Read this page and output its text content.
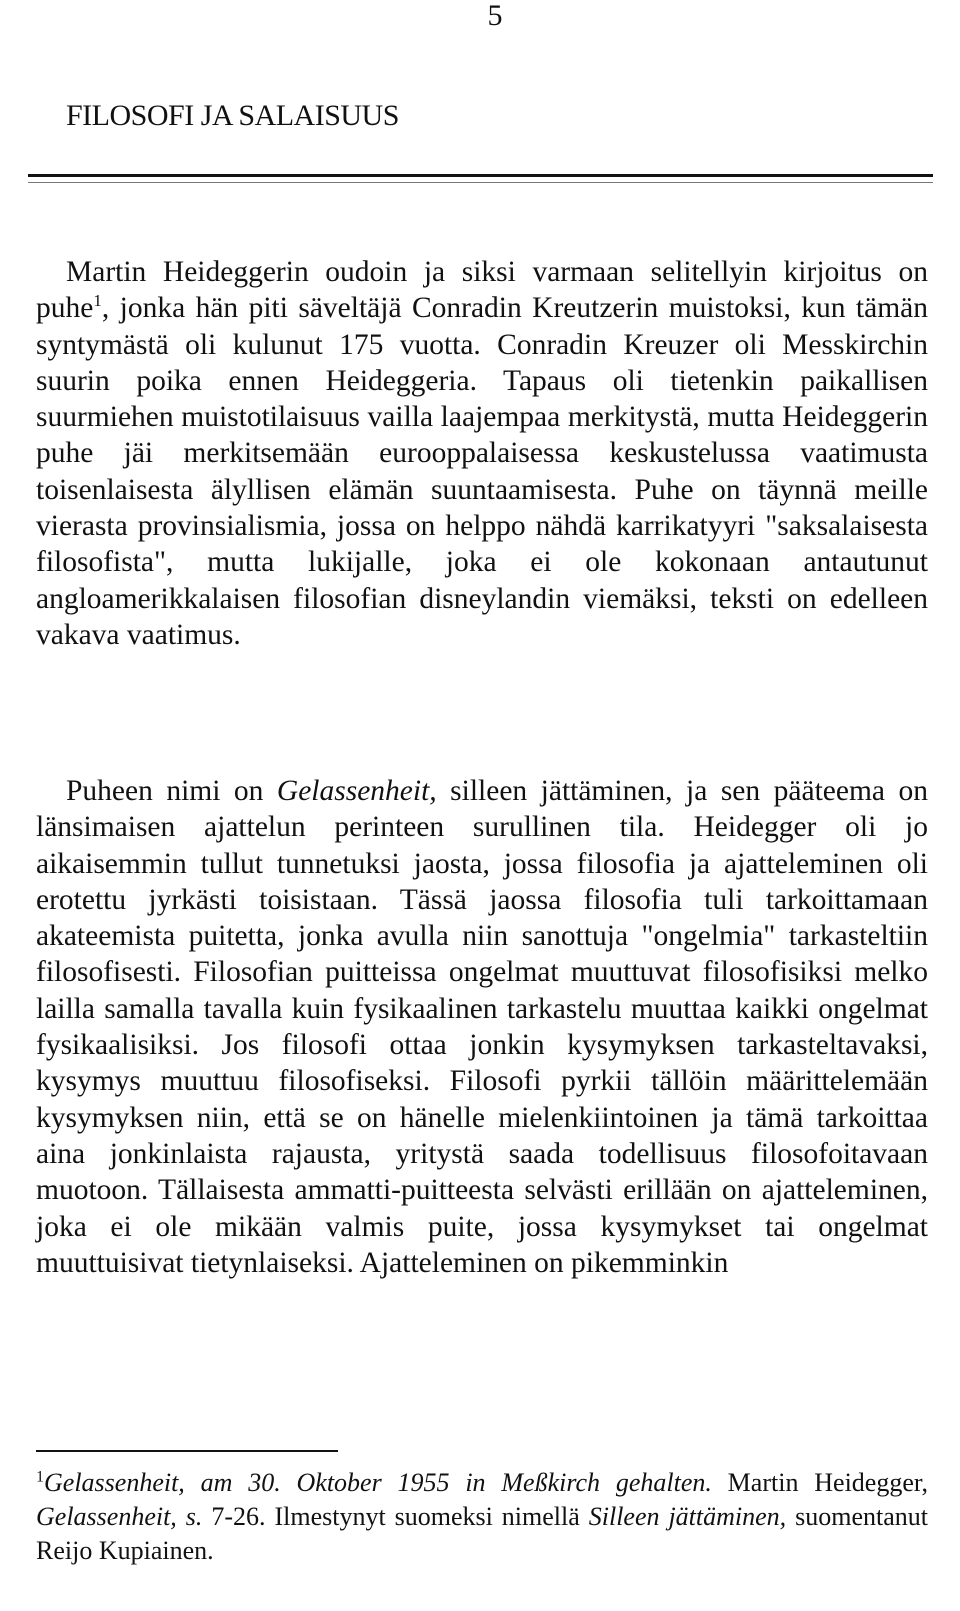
5
FILOSOFI JA SALAISUUS

Martin Heideggerin oudoin ja siksi varmaan selitellyin kirjoitus on puhe$^1$, jonka hän piti säveltäjä Conradin Kreutzerin muistoksi, kun tämän syntymästä oli kulunut 175 vuotta. Conradin Kreuzer oli Messkirchin suurin poika ennen Heideggeria. Tapaus oli tietenkin paikallisen suurmiehen muistotilaisuus vailla laajempaa merkitystä, mutta Heideggerin puhe jäi merkitsemään eurooppalaisessa keskustelussa vaatimusta toisenlaisesta älyllisen elämän suuntaamisesta. Puhe on täynnä meille vierasta provinsialismia, jossa on helppo nähdä karrikatyyri "saksalaisesta filosofista", mutta lukijalle, joka ei ole kokonaan antautunut angloamerikkalaisen filosofian disneylandin viemäksi, teksti on edelleen vakava vaatimus.

Puheen nimi on Gelassenheit, silleen jättäminen, ja sen pääteema on länsimaisen ajattelun perinteen surullinen tila. Heidegger oli jo aikaisemmin tullut tunnetuksi jaosta, jossa filosofia ja ajatteleminen oli erotettu jyrkästi toisistaan. Tässä jaossa filosofia tuli tarkoittamaan akateemista puitetta, jonka avulla niin sanottuja "ongelmia" tarkasteltiin filosofisesti. Filosofian puitteissa ongelmat muuttuvat filosofisiksi melko lailla samalla tavalla kuin fysikaalinen tarkastelu muuttaa kaikki ongelmat fysikaalisiksi. Jos filosofi ottaa jonkin kysymyksen tarkasteltavaksi, kysymys muuttuu filosofiseksi. Filosofi pyrkii tällöin määrittelemään kysymyksen niin, että se on hänelle mielenkiintoinen ja tämä tarkoittaa aina jonkinlaista rajausta, yritystä saada todellisuus filosofoitavaan muotoon. Tällaisesta ammatti-puitteesta selvästi erillään on ajatteleminen, joka ei ole mikään valmis puite, jossa kysymykset tai ongelmat muuttuisivat tietynlaiseksi. Ajatteleminen on pikemminkin

$^1$Gelassenheit, am 30. Oktober 1955 in Meßkirch gehalten. Martin Heidegger, Gelassenheit, s. 7-26. Ilmestynyt suomeksi nimellä Silleen jättäminen, suomentanut Reijo Kupiainen.
